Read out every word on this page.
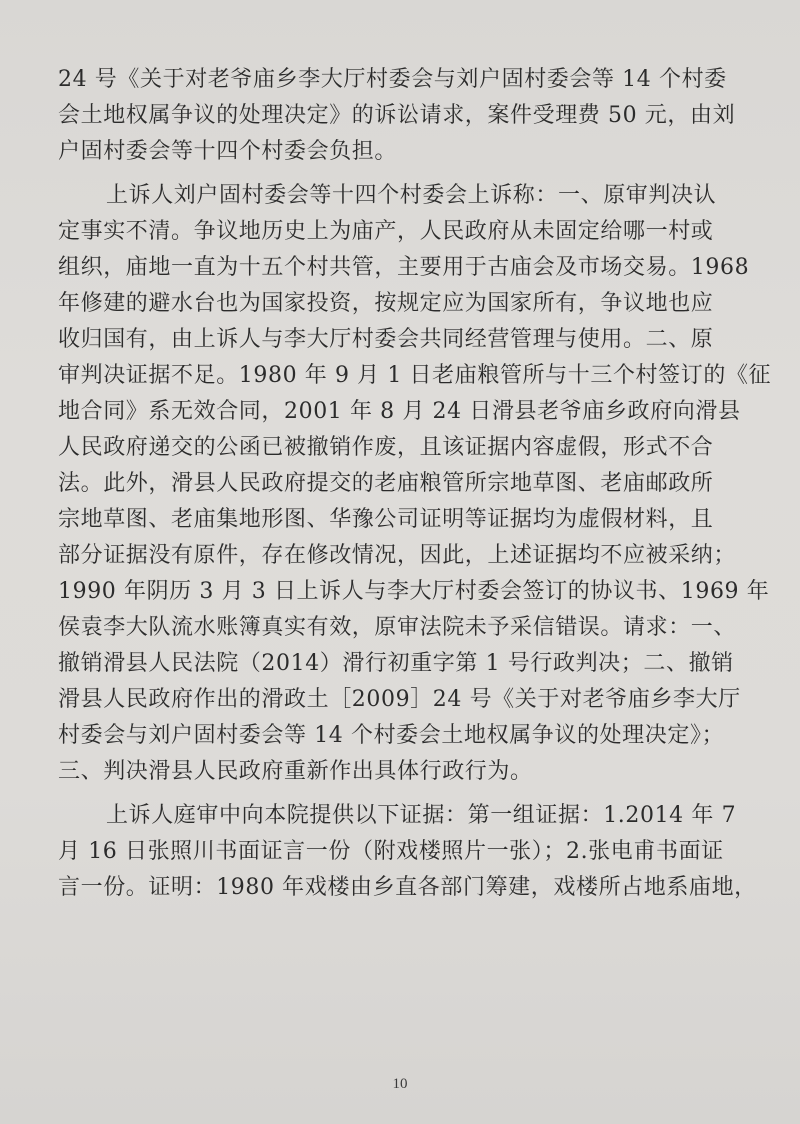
24 号《关于对老爷庙乡李大厅村委会与刘户固村委会等 14 个村委
会土地权属争议的处理决定》的诉讼请求，案件受理费 50 元，由刘
户固村委会等十四个村委会负担。
上诉人刘户固村委会等十四个村委会上诉称：一、原审判决认
定事实不清。争议地历史上为庙产，人民政府从未固定给哪一村或
组织，庙地一直为十五个村共管，主要用于古庙会及市场交易。1968
年修建的避水台也为国家投资，按规定应为国家所有，争议地也应
收归国有，由上诉人与李大厅村委会共同经营管理与使用。二、原
审判决证据不足。1980 年 9 月 1 日老庙粮管所与十三个村签订的《征
地合同》系无效合同，2001 年 8 月 24 日滑县老爷庙乡政府向滑县
人民政府递交的公函已被撤销作废，且该证据内容虚假，形式不合
法。此外，滑县人民政府提交的老庙粮管所宗地草图、老庙邮政所
宗地草图、老庙集地形图、华豫公司证明等证据均为虚假材料，且
部分证据没有原件，存在修改情况，因此，上述证据均不应被采纳；
1990 年阴历 3 月 3 日上诉人与李大厅村委会签订的协议书、1969 年
侯袁李大队流水账簿真实有效，原审法院未予采信错误。请求：一、
撤销滑县人民法院（2014）滑行初重字第 1 号行政判决；二、撤销
滑县人民政府作出的滑政土［2009］24 号《关于对老爷庙乡李大厅
村委会与刘户固村委会等 14 个村委会土地权属争议的处理决定》；
三、判决滑县人民政府重新作出具体行政行为。
上诉人庭审中向本院提供以下证据：第一组证据：1.2014 年 7
月 16 日张照川书面证言一份（附戏楼照片一张）；2.张电甫书面证
言一份。证明：1980 年戏楼由乡直各部门筹建，戏楼所占地系庙地，
10
